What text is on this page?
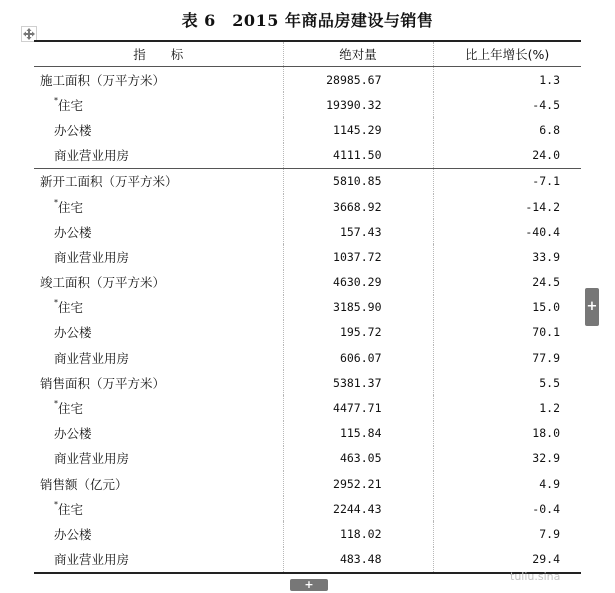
表 6　2015 年商品房建设与销售
指　　标	绝对量	比上年增长(%)
施工面积（万平方米）	28985.67	1.3
*住宅	19390.32	-4.5
办公楼	1145.29	6.8
商业营业用房	4111.50	24.0
新开工面积（万平方米）	5810.85	-7.1
*住宅	3668.92	-14.2
办公楼	157.43	-40.4
商业营业用房	1037.72	33.9
竣工面积（万平方米）	4630.29	24.5
*住宅	3185.90	15.0
办公楼	195.72	70.1
商业营业用房	606.07	77.9
销售面积（万平方米）	5381.37	5.5
*住宅	4477.71	1.2
办公楼	115.84	18.0
商业营业用房	463.05	32.9
销售额（亿元）	2952.21	4.9
*住宅	2244.43	-0.4
办公楼	118.02	7.9
商业营业用房	483.48	29.4
+
+
tuliu.sina
